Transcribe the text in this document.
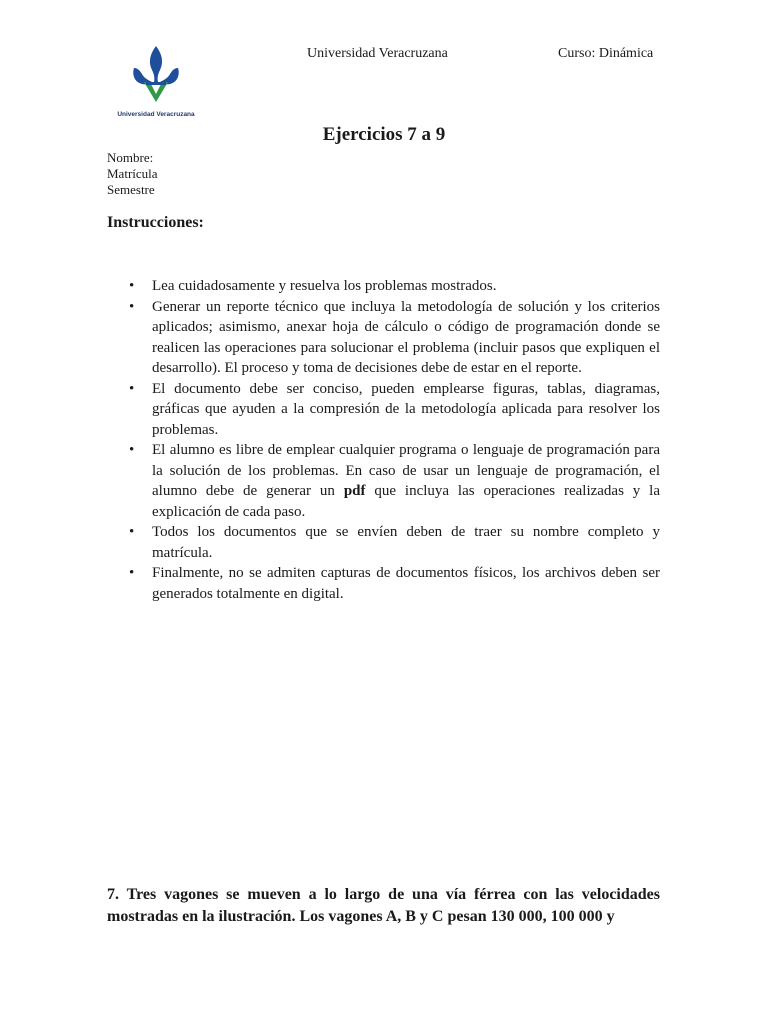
Universidad Veracruzana
Universidad Veracruzana	Curso: Dinámica
Ejercicios 7 a 9
Nombre:
Matrícula
Semestre
Instrucciones:
• Lea cuidadosamente y resuelva los problemas mostrados.
• Generar un reporte técnico que incluya la metodología de solución y los criterios aplicados; asimismo, anexar hoja de cálculo o código de programación donde se realicen las operaciones para solucionar el problema (incluir pasos que expliquen el desarrollo). El proceso y toma de decisiones debe de estar en el reporte.
• El documento debe ser conciso, pueden emplearse figuras, tablas, diagramas, gráficas que ayuden a la compresión de la metodología aplicada para resolver los problemas.
• El alumno es libre de emplear cualquier programa o lenguaje de programación para la solución de los problemas. En caso de usar un lenguaje de programación, el alumno debe de generar un pdf que incluya las operaciones realizadas y la explicación de cada paso.
• Todos los documentos que se envíen deben de traer su nombre completo y matrícula.
• Finalmente, no se admiten capturas de documentos físicos, los archivos deben ser generados totalmente en digital.
7. Tres vagones se mueven a lo largo de una vía férrea con las velocidades mostradas en la ilustración. Los vagones A, B y C pesan 130 000, 100 000 y
